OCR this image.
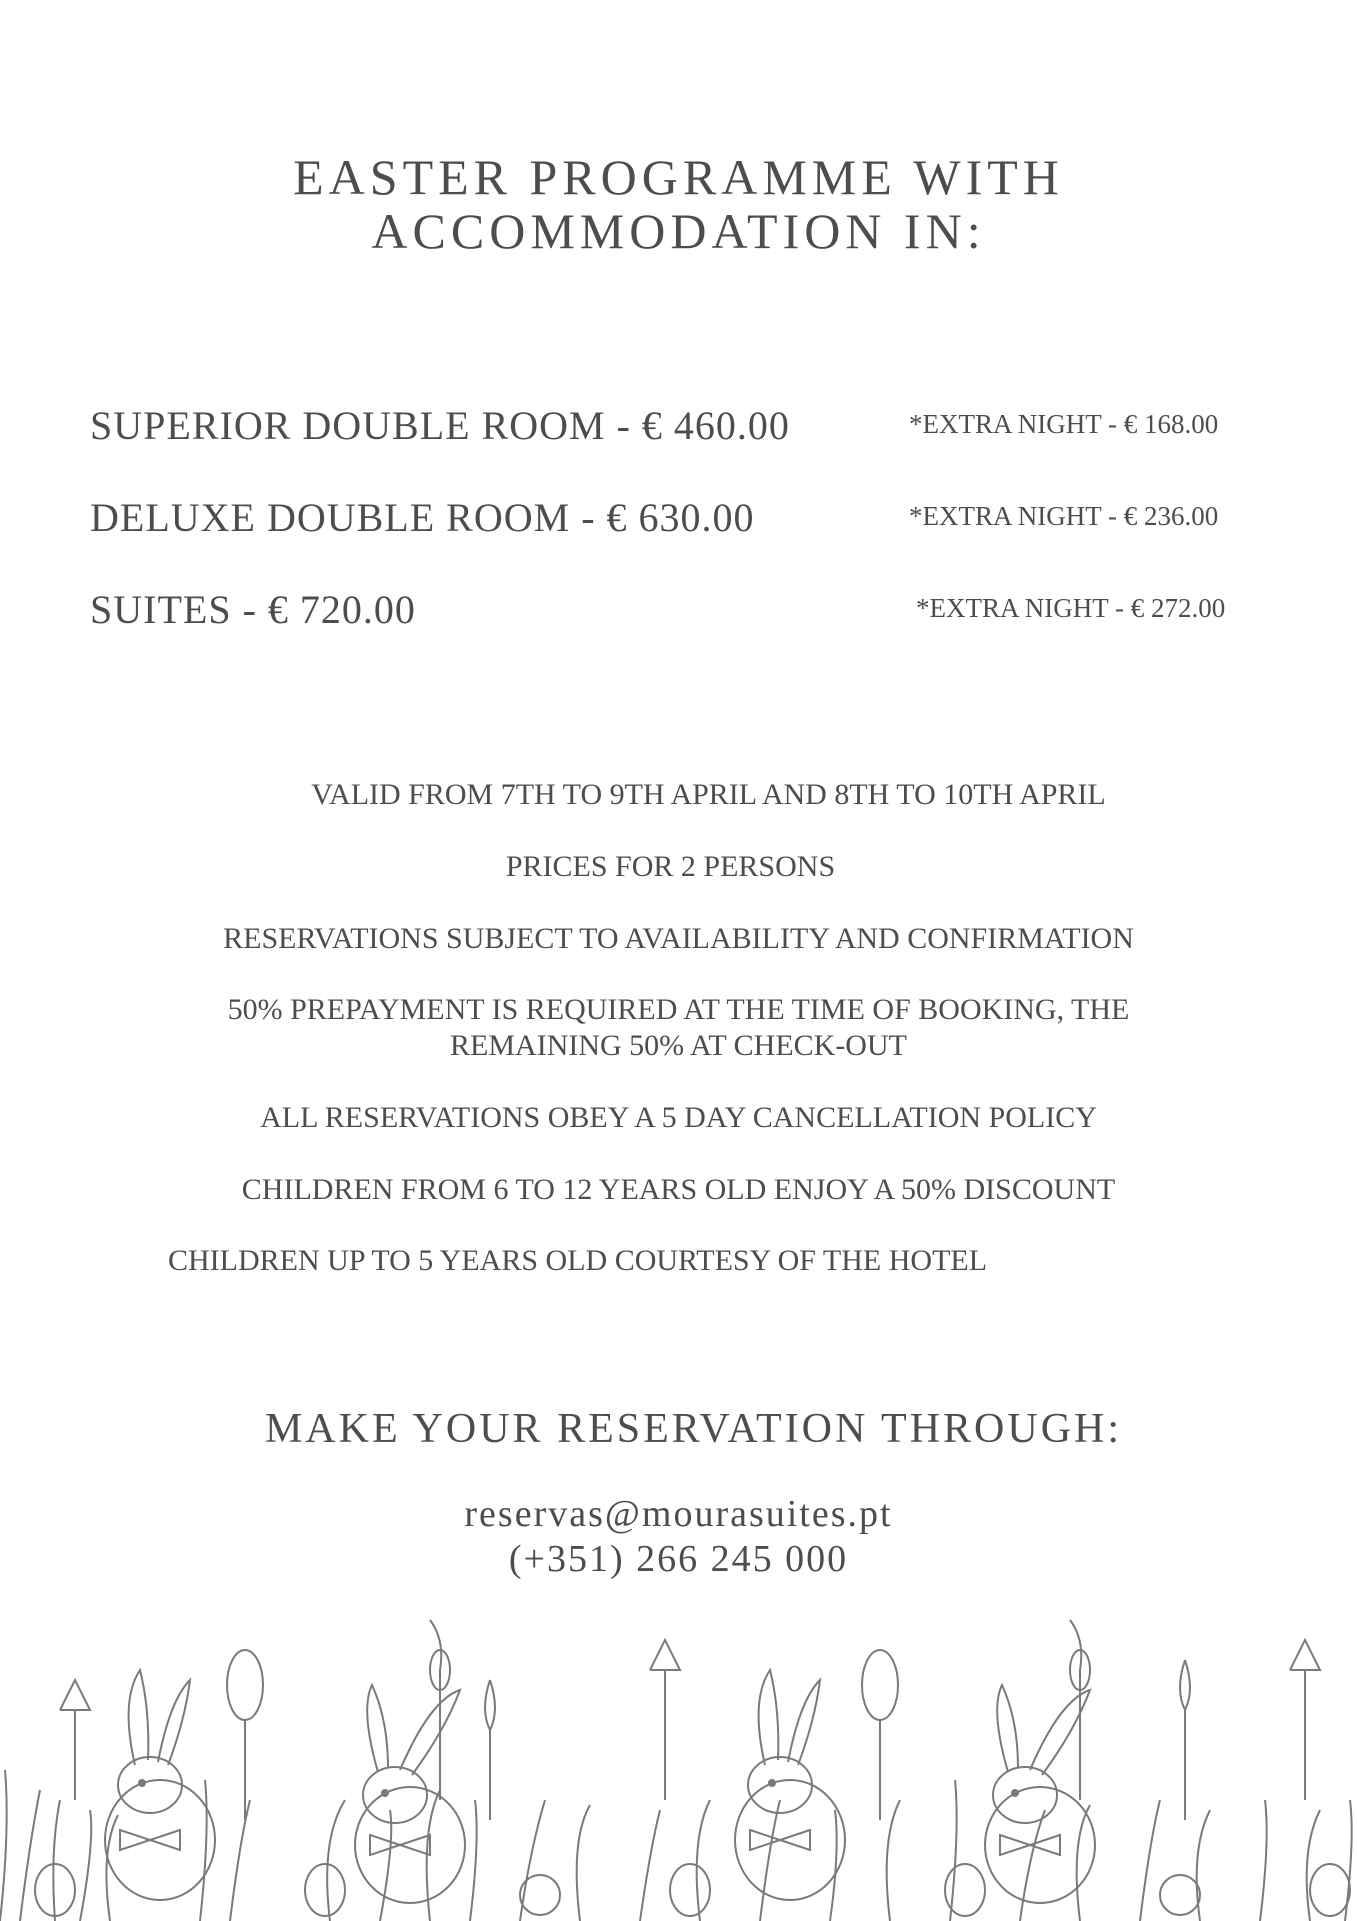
EASTER PROGRAMME WITH
ACCOMMODATION IN:
SUPERIOR DOUBLE ROOM - € 460.00	*EXTRA NIGHT - € 168.00
DELUXE DOUBLE ROOM - € 630.00	*EXTRA NIGHT - € 236.00
SUITES - € 720.00	*EXTRA NIGHT - € 272.00
VALID FROM 7TH TO 9TH APRIL AND 8TH TO 10TH APRIL
PRICES FOR 2 PERSONS
RESERVATIONS SUBJECT TO AVAILABILITY AND CONFIRMATION
50% PREPAYMENT IS REQUIRED AT THE TIME OF BOOKING, THE
REMAINING 50% AT CHECK-OUT
ALL RESERVATIONS OBEY A 5 DAY CANCELLATION POLICY
CHILDREN FROM 6 TO 12 YEARS OLD ENJOY A 50% DISCOUNT
CHILDREN UP TO 5 YEARS OLD COURTESY OF THE HOTEL
MAKE YOUR RESERVATION THROUGH:
reservas@mourasuites.pt
(+351) 266 245 000
